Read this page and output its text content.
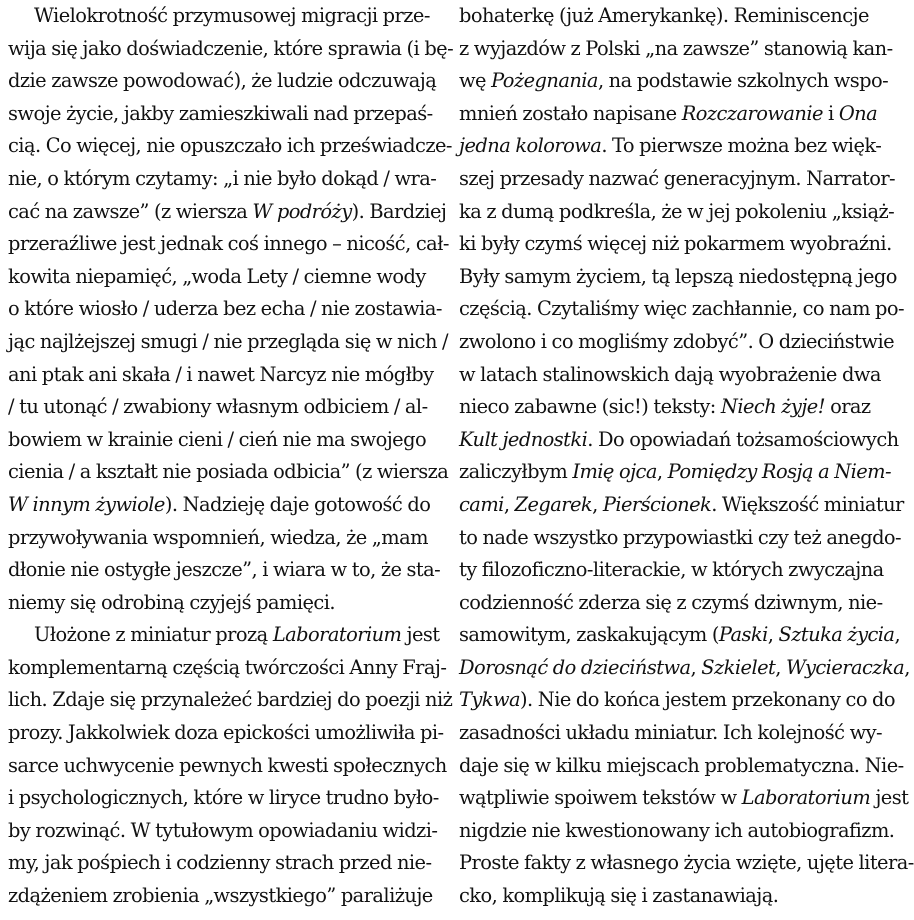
Wielokrotność przymusowej migracji prze-
wija się jako doświadczenie, które sprawia (i bę-
dzie zawsze powodować), że ludzie odczuwają
swoje życie, jakby zamieszkiwali nad przepaś-
cią. Co więcej, nie opuszczało ich przeświadcze-
nie, o którym czytamy: „i nie było dokąd / wra-
cać na zawsze” (z wiersza W podróży). Bardziej
przeraźliwe jest jednak coś innego – nicość, cał-
kowita niepamięć, „woda Lety / ciemne wody
o które wiosło / uderza bez echa / nie zostawia-
jąc najlżejszej smugi / nie przegląda się w nich /
ani ptak ani skała / i nawet Narcyz nie mógłby
/ tu utonąć / zwabiony własnym odbiciem / al-
bowiem w krainie cieni / cień nie ma swojego
cienia / a kształt nie posiada odbicia” (z wiersza
W innym żywiole). Nadzieję daje gotowość do
przywoływania wspomnień, wiedza, że „mam
dłonie nie ostygłe jeszcze”, i wiara w to, że sta-
niemy się odrobiną czyjejś pamięci.
Ułożone z miniatur prozą Laboratorium jest
komplementarną częścią twórczości Anny Fraj-
lich. Zdaje się przynależeć bardziej do poezji niż
prozy. Jakkolwiek doza epickości umożliwiła pi-
sarce uchwycenie pewnych kwesti społecznych
i psychologicznych, które w liryce trudno było-
by rozwinąć. W tytułowym opowiadaniu widzi-
my, jak pośpiech i codzienny strach przed nie-
zdążeniem zrobienia „wszystkiego” paraliżuje
bohaterkę (już Amerykankę). Reminiscencje
z wyjazdów z Polski „na zawsze” stanowią kan-
wę Pożegnania, na podstawie szkolnych wspo-
mnień zostało napisane Rozczarowanie i Ona
jedna kolorowa. To pierwsze można bez więk-
szej przesady nazwać generacyjnym. Narrator-
ka z dumą podkreśla, że w jej pokoleniu „książ-
ki były czymś więcej niż pokarmem wyobraźni.
Były samym życiem, tą lepszą niedostępną jego
częścią. Czytaliśmy więc zachłannie, co nam po-
zwolono i co mogliśmy zdobyć”. O dzieciństwie
w latach stalinowskich dają wyobrażenie dwa
nieco zabawne (sic!) teksty: Niech żyje! oraz
Kult jednostki. Do opowiadań tożsamościowych
zaliczyłbym Imię ojca, Pomiędzy Rosją a Niem-
cami, Zegarek, Pierścionek. Większość miniatur
to nade wszystko przypowiastki czy też anegdo-
ty filozoficzno-literackie, w których zwyczajna
codzienność zderza się z czymś dziwnym, nie-
samowitym, zaskakującym (Paski, Sztuka życia,
Dorosnąć do dzieciństwa, Szkielet, Wycieraczka,
Tykwa). Nie do końca jestem przekonany co do
zasadności układu miniatur. Ich kolejność wy-
daje się w kilku miejscach problematyczna. Nie-
wątpliwie spoiwem tekstów w Laboratorium jest
nigdzie nie kwestionowany ich autobiografizm.
Proste fakty z własnego życia wzięte, ujęte litera-
cko, komplikują się i zastanawiają.
